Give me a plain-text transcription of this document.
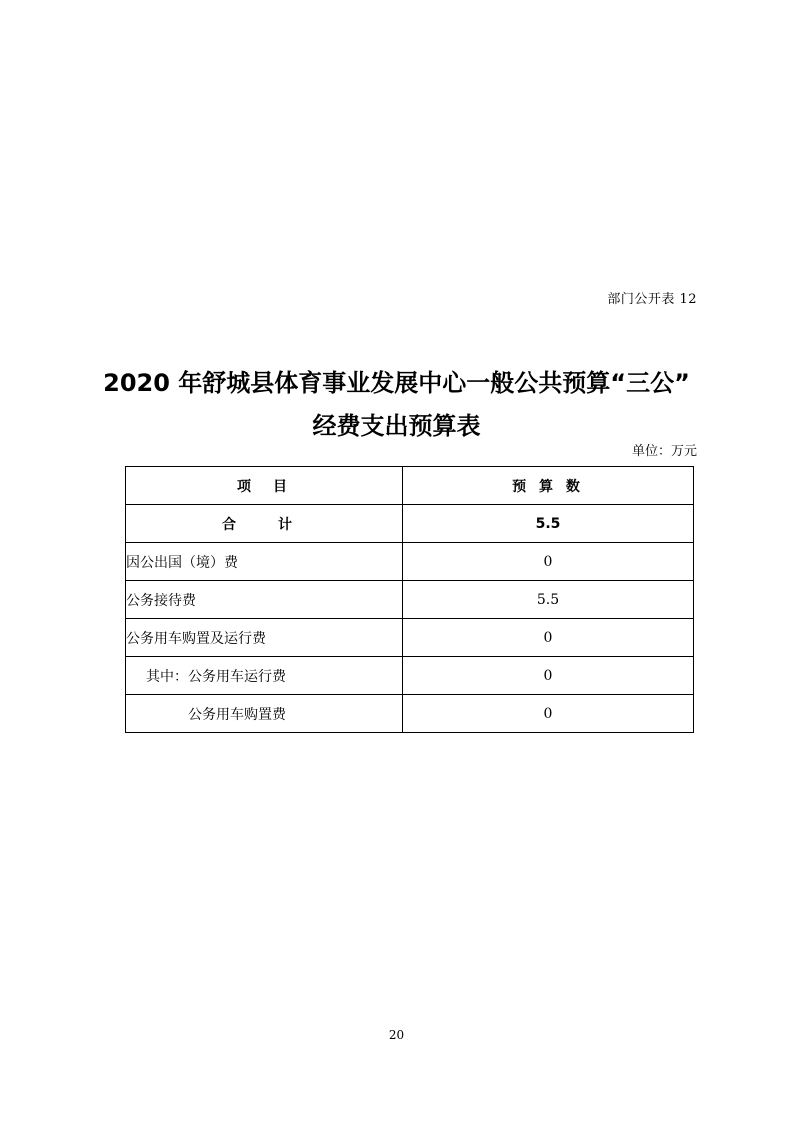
部门公开表 12
2020 年舒城县体育事业发展中心一般公共预算“三公”
经费支出预算表
单位：万元
项　目	预 算 数
合　计	5.5
因公出国（境）费	0
公务接待费	5.5
公务用车购置及运行费	0
其中：公务用车运行费	0
公务用车购置费	0
20
